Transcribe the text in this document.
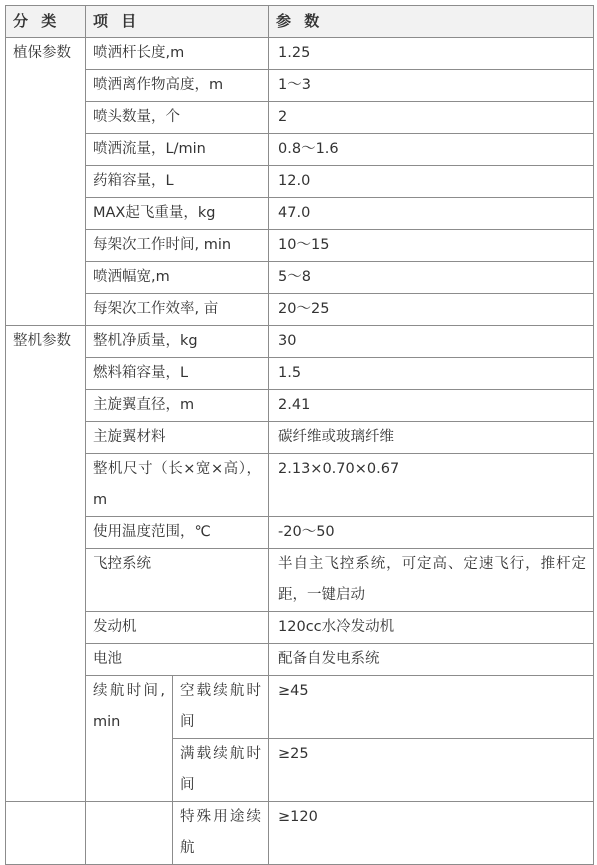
分 类	项 目		参 数
植保参数	喷洒杆长度,m		1.25
	喷洒离作物高度，m		1～3
	喷头数量，个		2
	喷洒流量，L/min		0.8～1.6
	药箱容量，L		12.0
	MAX起飞重量，kg		47.0
	每架次工作时间, min		10～15
	喷洒幅宽,m		5～8
	每架次工作效率, 亩		20～25
整机参数	整机净质量，kg		30
	燃料箱容量，L		1.5
	主旋翼直径，m		2.41
	主旋翼材料		碳纤维或玻璃纤维
	整机尺寸（长×宽×高），m		2.13×0.70×0.67
	使用温度范围，℃		-20～50
	飞控系统		半自主飞控系统，可定高、定速飞行，推杆定距，一键启动
	发动机		120cc水冷发动机
	电池		配备自发电系统
	续航时间, min	空载续航时间	≥45
		满载续航时间	≥25
		特殊用途续航	≥120
